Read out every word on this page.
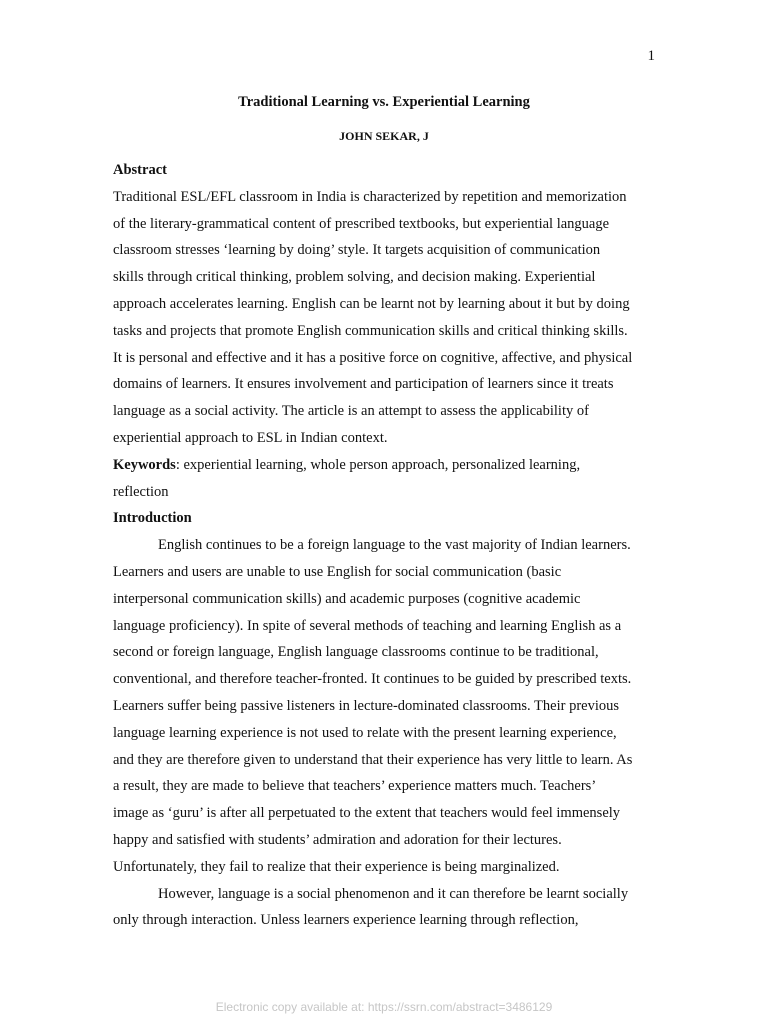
1
Traditional Learning vs. Experiential Learning
JOHN SEKAR, J
Abstract
Traditional ESL/EFL classroom in India is characterized by repetition and memorization
of the literary-grammatical content of prescribed textbooks, but experiential language
classroom stresses ‘learning by doing’ style. It targets acquisition of communication
skills through critical thinking, problem solving, and decision making. Experiential
approach accelerates learning. English can be learnt not by learning about it but by doing
tasks and projects that promote English communication skills and critical thinking skills.
It is personal and effective and it has a positive force on cognitive, affective, and physical
domains of learners. It ensures involvement and participation of learners since it treats
language as a social activity. The article is an attempt to assess the applicability of
experiential approach to ESL in Indian context.
Keywords: experiential learning, whole person approach, personalized learning,
reflection
Introduction
English continues to be a foreign language to the vast majority of Indian learners.
Learners and users are unable to use English for social communication (basic
interpersonal communication skills) and academic purposes (cognitive academic
language proficiency). In spite of several methods of teaching and learning English as a
second or foreign language, English language classrooms continue to be traditional,
conventional, and therefore teacher-fronted. It continues to be guided by prescribed texts.
Learners suffer being passive listeners in lecture-dominated classrooms. Their previous
language learning experience is not used to relate with the present learning experience,
and they are therefore given to understand that their experience has very little to learn. As
a result, they are made to believe that teachers’ experience matters much. Teachers’
image as ‘guru’ is after all perpetuated to the extent that teachers would feel immensely
happy and satisfied with students’ admiration and adoration for their lectures.
Unfortunately, they fail to realize that their experience is being marginalized.
However, language is a social phenomenon and it can therefore be learnt socially
only through interaction. Unless learners experience learning through reflection,
Electronic copy available at: https://ssrn.com/abstract=3486129
